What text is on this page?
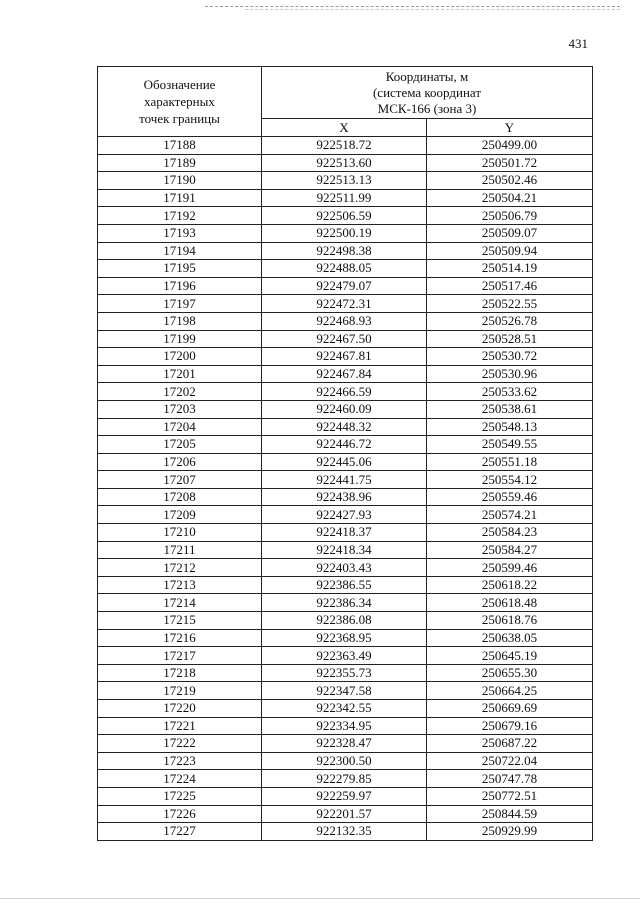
431
Обозначение
характерных
точек границы	Координаты, м
(система координат
МСК-166 (зона 3)	

	X	Y
17188	922518.72	250499.00
17189	922513.60	250501.72
17190	922513.13	250502.46
17191	922511.99	250504.21
17192	922506.59	250506.79
17193	922500.19	250509.07
17194	922498.38	250509.94
17195	922488.05	250514.19
17196	922479.07	250517.46
17197	922472.31	250522.55
17198	922468.93	250526.78
17199	922467.50	250528.51
17200	922467.81	250530.72
17201	922467.84	250530.96
17202	922466.59	250533.62
17203	922460.09	250538.61
17204	922448.32	250548.13
17205	922446.72	250549.55
17206	922445.06	250551.18
17207	922441.75	250554.12
17208	922438.96	250559.46
17209	922427.93	250574.21
17210	922418.37	250584.23
17211	922418.34	250584.27
17212	922403.43	250599.46
17213	922386.55	250618.22
17214	922386.34	250618.48
17215	922386.08	250618.76
17216	922368.95	250638.05
17217	922363.49	250645.19
17218	922355.73	250655.30
17219	922347.58	250664.25
17220	922342.55	250669.69
17221	922334.95	250679.16
17222	922328.47	250687.22
17223	922300.50	250722.04
17224	922279.85	250747.78
17225	922259.97	250772.51
17226	922201.57	250844.59
17227	922132.35	250929.99
